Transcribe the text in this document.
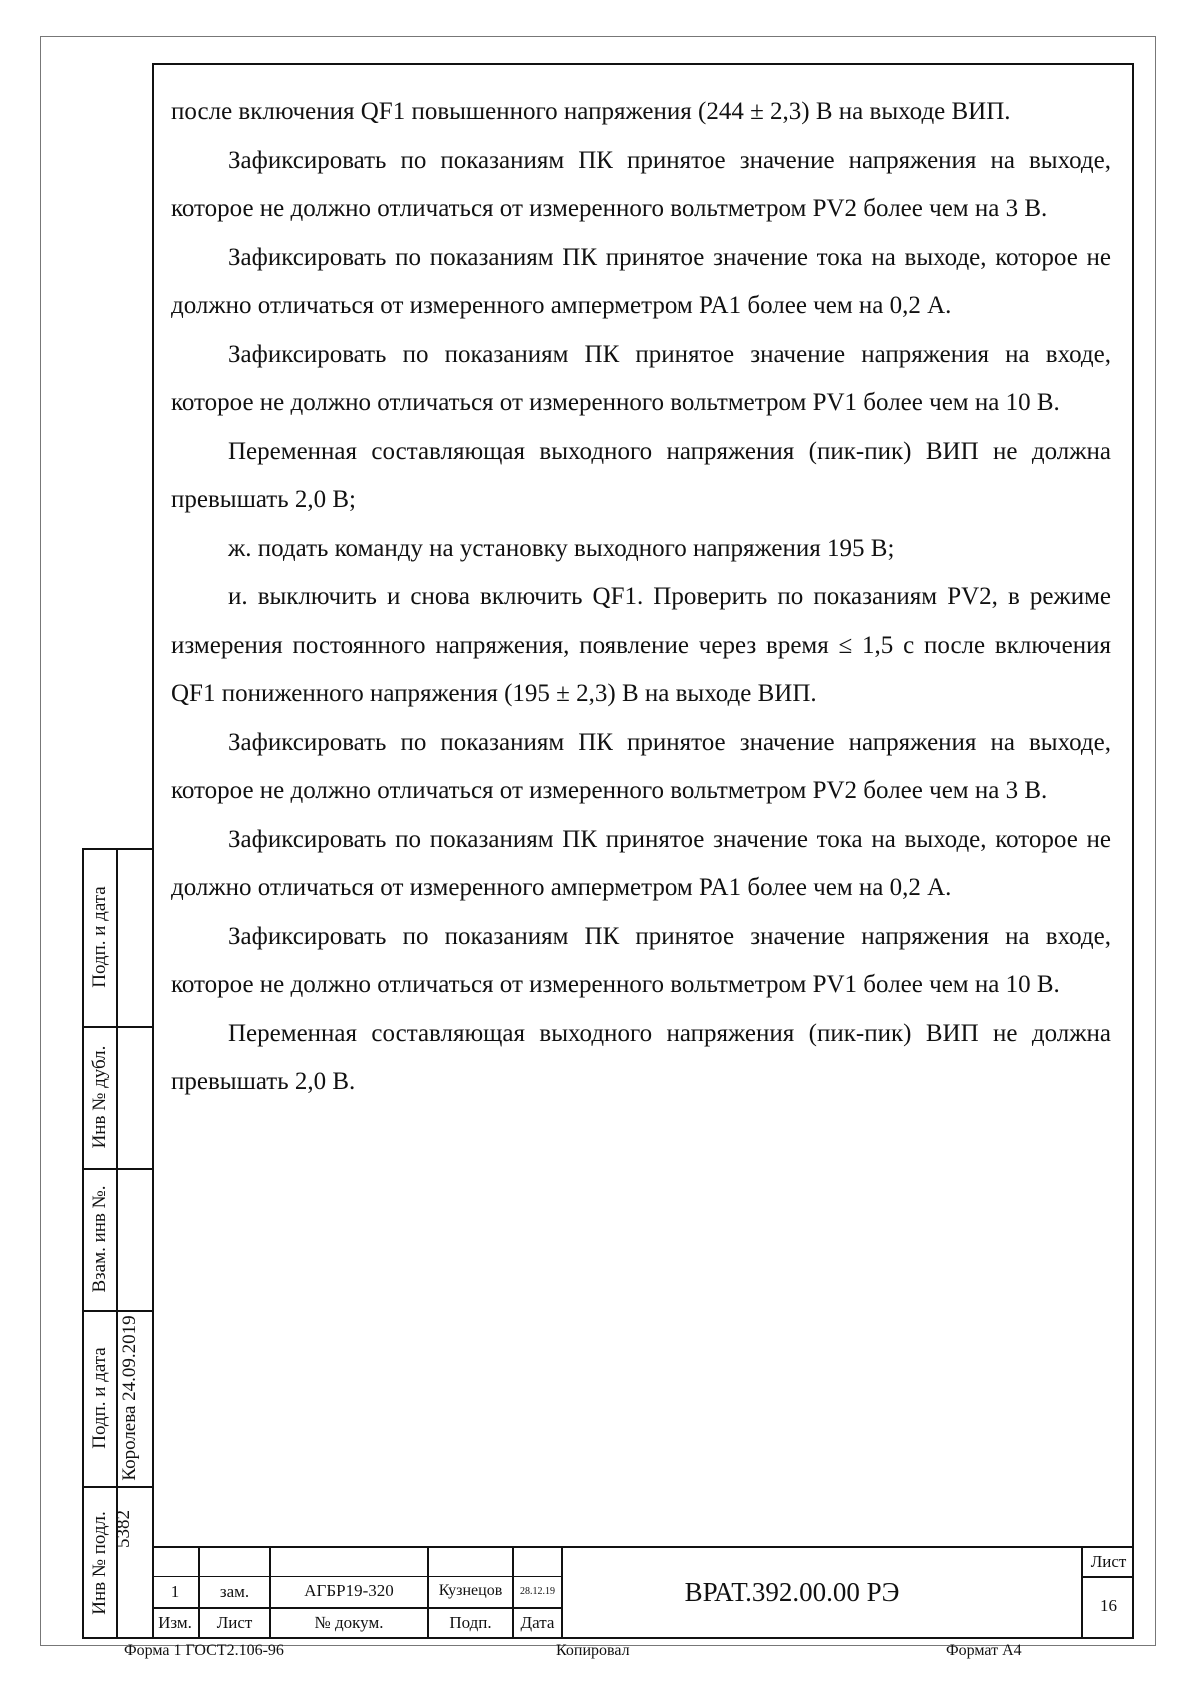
после включения QF1 повышенного напряжения (244 ± 2,3) В на выходе ВИП.

Зафиксировать по показаниям ПК принятое значение напряжения на выходе, которое не должно отличаться от измеренного вольтметром PV2 более чем на 3 В.

Зафиксировать по показаниям ПК принятое значение тока на выходе, которое не должно отличаться от измеренного амперметром PA1 более чем на 0,2 А.

Зафиксировать по показаниям ПК принятое значение напряжения на входе, которое не должно отличаться от измеренного вольтметром PV1 более чем на 10 В.

Переменная составляющая выходного напряжения (пик-пик) ВИП не должна превышать 2,0 В;

ж. подать команду на установку выходного напряжения 195 В;

и. выключить и снова включить QF1. Проверить по показаниям PV2, в режиме измерения постоянного напряжения, появление через время ≤ 1,5 с после включения QF1 пониженного напряжения (195 ± 2,3) В на выходе ВИП.

Зафиксировать по показаниям ПК принятое значение напряжения на выходе, которое не должно отличаться от измеренного вольтметром PV2 более чем на 3 В.

Зафиксировать по показаниям ПК принятое значение тока на выходе, которое не должно отличаться от измеренного амперметром PA1 более чем на 0,2 А.

Зафиксировать по показаниям ПК принятое значение напряжения на входе, которое не должно отличаться от измеренного вольтметром PV1 более чем на 10 В.

Переменная составляющая выходного напряжения (пик-пик) ВИП не должна превышать 2,0 В.

Подп. и дата
Инв № дубл.
Взам. инв №.
Подп. и дата Королева 24.09.2019
Инв № подл. 5382
1	зам.	АГБР19-320	Кузнецов	28.12.19
Изм.	Лист	№ докум.	Подп.	Дата
ВРАТ.392.00.00 РЭ
Лист
16
Форма 1 ГОСТ2.106-96	Копировал	Формат А4
